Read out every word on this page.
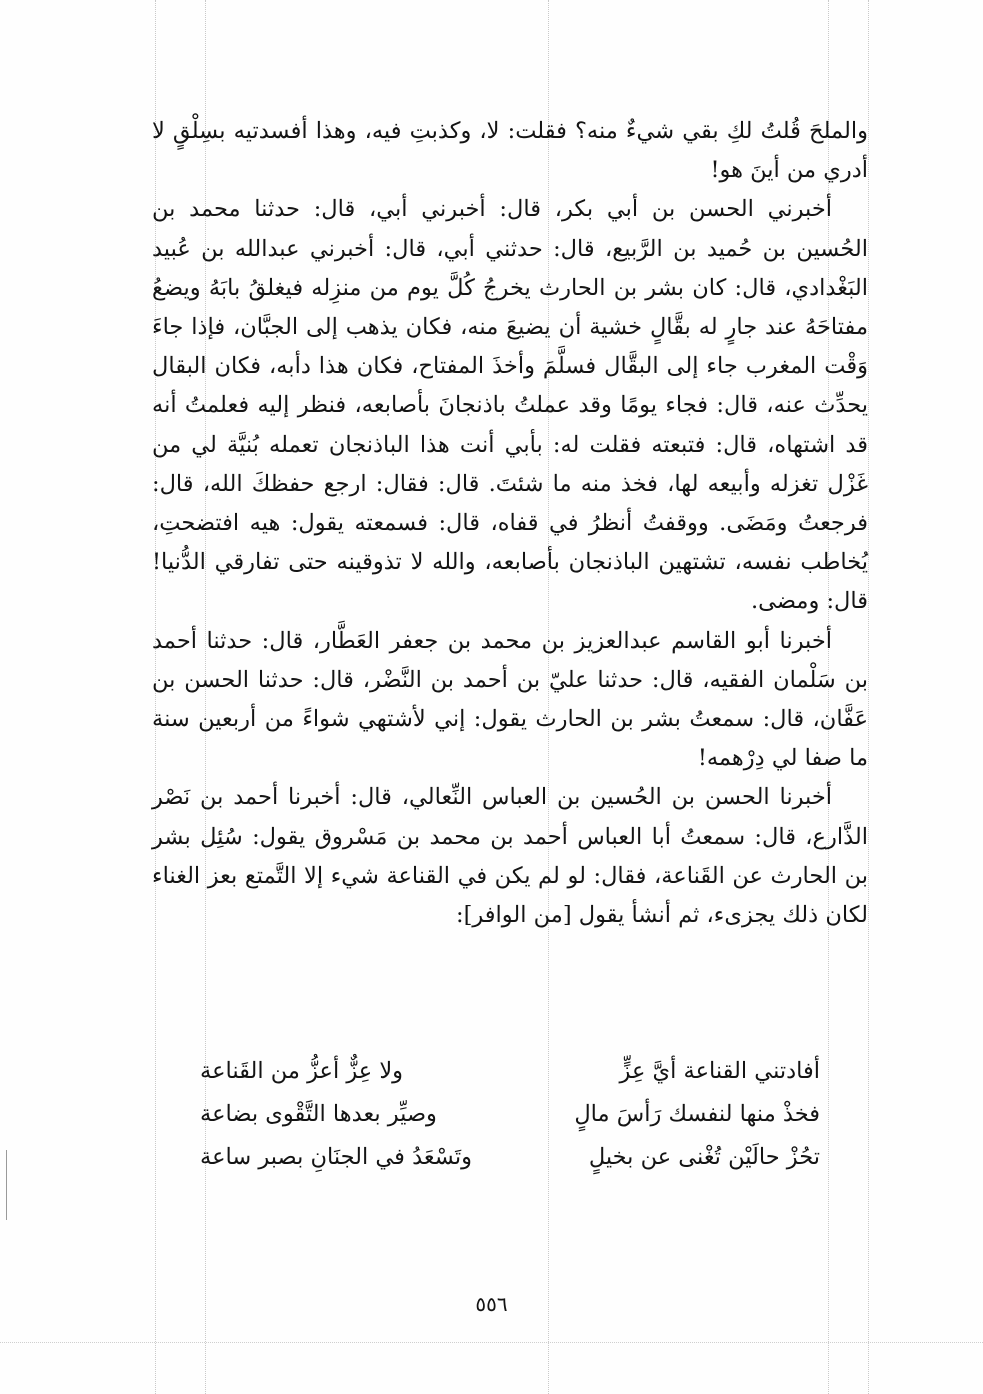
والملحَ قُلتُ لكِ بقي شيءٌ منه؟ فقلت: لا، وكذبتِ فيه، وهذا أفسدتيه بسِلْقٍ لا أدري من أينَ هو!

أخبرني الحسن بن أبي بكر، قال: أخبرني أبي، قال: حدثنا محمد بن الحُسين بن حُميد بن الرَّبيع، قال: حدثني أبي، قال: أخبرني عبدالله بن عُبيد البَغْدادي، قال: كان بشر بن الحارث يخرجُ كُلَّ يوم من منزِله فيغلقُ بابَهُ ويضعُ مفتاحَهُ عند جارٍ له بقَّالٍ خشية أن يضيعَ منه، فكان يذهب إلى الجبَّان، فإذا جاءَ وَقْت المغرب جاء إلى البقَّال فسلَّمَ وأخذَ المفتاح، فكان هذا دأبه، فكان البقال يحدِّث عنه، قال: فجاء يومًا وقد عملتُ باذنجانَ بأصابعه، فنظر إليه فعلمتُ أنه قد اشتهاه، قال: فتبعته فقلت له: بأبي أنت هذا الباذنجان تعمله بُنيَّة لي من غَزْل تغزله وأبيعه لها، فخذ منه ما شئتَ. قال: فقال: ارجع حفظكَ الله، قال: فرجعتُ ومَضَى. ووقفتُ أنظرُ في قفاه، قال: فسمعته يقول: هيه افتضحتِ، يُخاطب نفسه، تشتهين الباذنجان بأصابعه، والله لا تذوقينه حتى تفارقي الدُّنيا! قال: ومضى.

أخبرنا أبو القاسم عبدالعزيز بن محمد بن جعفر العَطَّار، قال: حدثنا أحمد بن سَلْمان الفقيه، قال: حدثنا عليّ بن أحمد بن النَّضْر، قال: حدثنا الحسن بن عَفَّان، قال: سمعتُ بشر بن الحارث يقول: إني لأشتهي شواءً من أربعين سنة ما صفا لي دِرْهمه!

أخبرنا الحسن بن الحُسين بن العباس النِّعالي، قال: أخبرنا أحمد بن نَصْر الذَّارع، قال: سمعتُ أبا العباس أحمد بن محمد بن مَسْروق يقول: سُئِل بشر بن الحارث عن القَناعة، فقال: لو لم يكن في القناعة شيء إلا التَّمتع بعز الغناء لكان ذلك يجزىء، ثم أنشأ يقول [من الوافر]:

أفادتني القناعة أيَّ عِزٍّ
ولا عِزٌّ أعزُّ من القَناعة
فخذْ منها لنفسك رَأسَ مالٍ
وصيِّر بعدها التَّقْوى بضاعة
تحُزْ حالَيْن تُغْنى عن بخيلٍ
وتَسْعَدُ في الجنَانِ بصبر ساعة
٥٥٦
